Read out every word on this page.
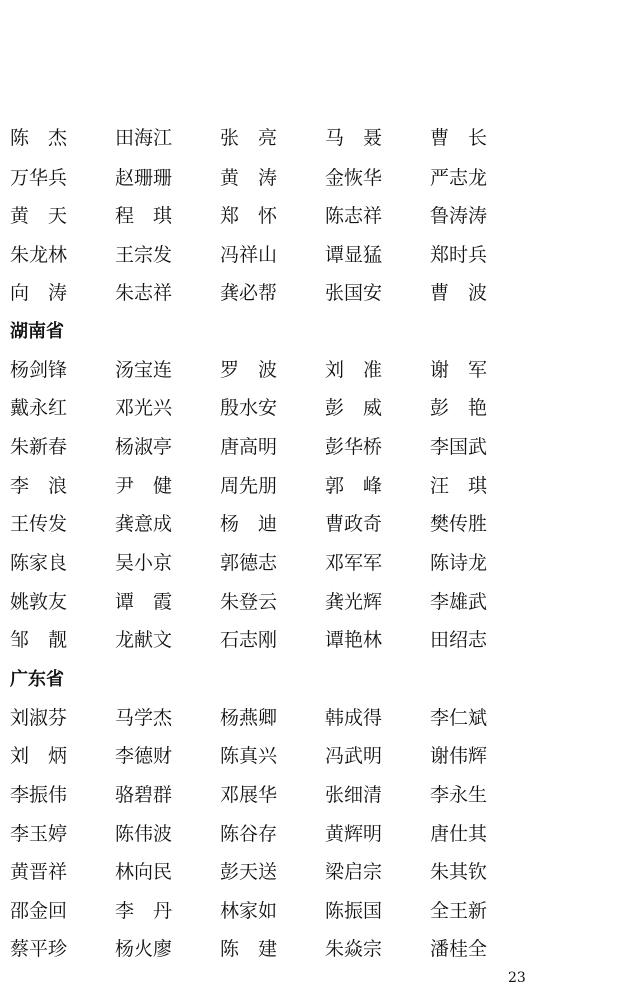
陈　杰	田海江	张　亮	马　聂	曹　长
万华兵	赵珊珊	黄　涛	金恢华	严志龙
黄　天	程　琪	郑　怀	陈志祥	鲁涛涛
朱龙林	王宗发	冯祥山	谭显猛	郑时兵
向　涛	朱志祥	龚必帮	张国安	曹　波
湖南省
杨剑锋	汤宝连	罗　波	刘　准	谢　军
戴永红	邓光兴	殷水安	彭　威	彭　艳
朱新春	杨淑亭	唐高明	彭华桥	李国武
李　浪	尹　健	周先朋	郭　峰	汪　琪
王传发	龚意成	杨　迪	曹政奇	樊传胜
陈家良	吴小京	郭德志	邓军军	陈诗龙
姚敦友	谭　霞	朱登云	龚光辉	李雄武
邹　靓	龙献文	石志刚	谭艳林	田绍志
广东省
刘淑芬	马学杰	杨燕卿	韩成得	李仁斌
刘　炳	李德财	陈真兴	冯武明	谢伟辉
李振伟	骆碧群	邓展华	张细清	李永生
李玉婷	陈伟波	陈谷存	黄辉明	唐仕其
黄晋祥	林向民	彭天送	梁启宗	朱其钦
邵金回	李　丹	林家如	陈振国	全王新
蔡平珍	杨火廖	陈　建	朱焱宗	潘桂全
23
